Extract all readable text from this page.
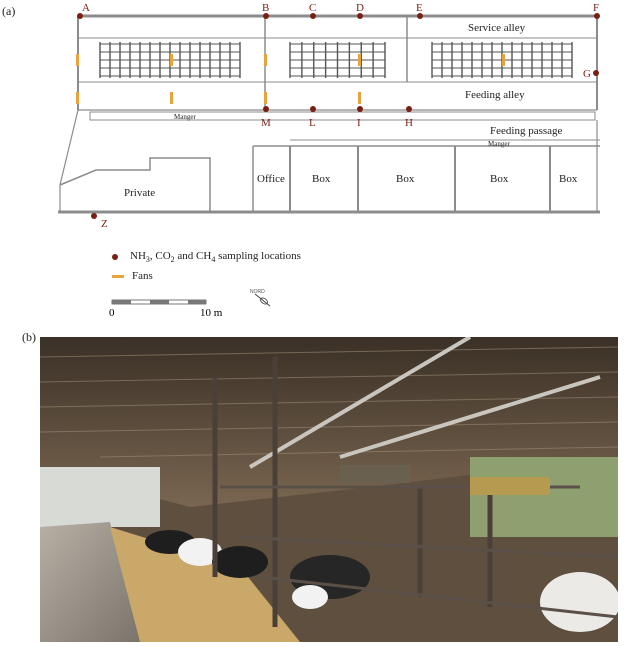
(a)
(b)
A	B	C	D	E	F
G
H
I
L
M
Z
Service alley
Feeding alley
Manger
Feeding passage
Manger
Private
Office Box	Box	Box	Box
0	10 m
NORD
$NH_3$, $CO_2$ and $CH_4$ sampling locations
Fans
